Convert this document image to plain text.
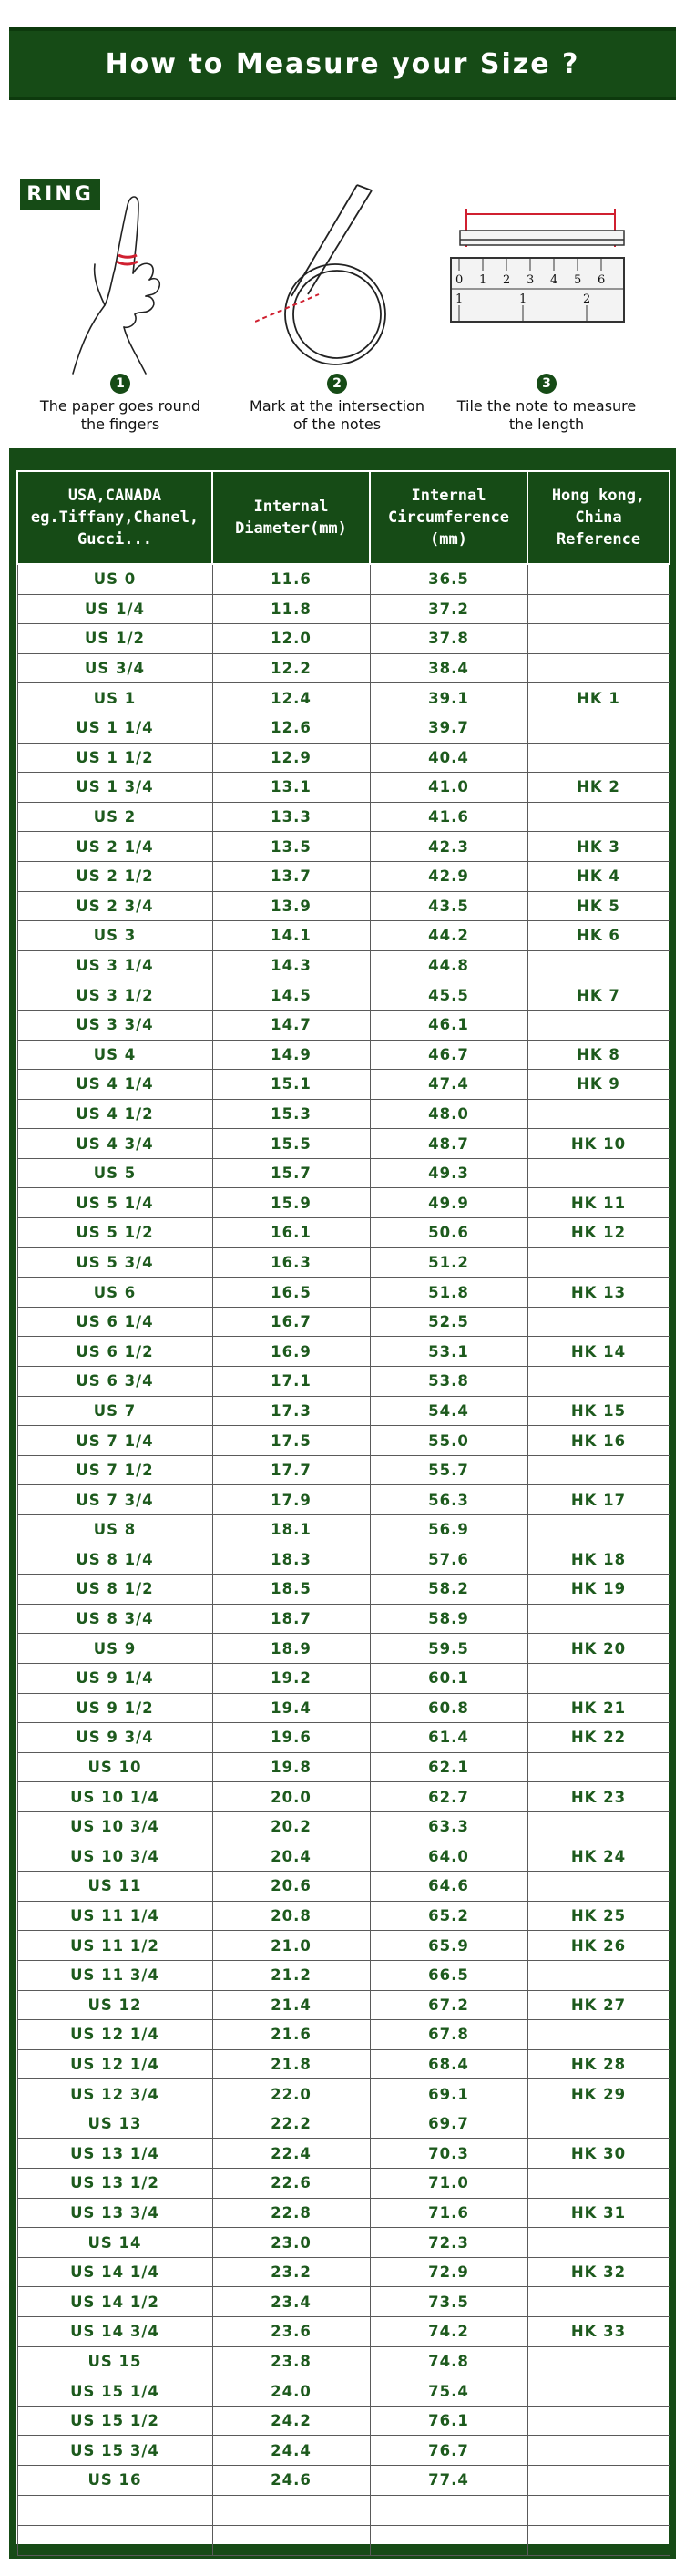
How to Measure your Size ?
RING
0 1 2 3 4 5 6
1	1	2
1
The paper goes round
the fingers
2
Mark at the intersection
of the notes
3
Tile the note to measure
the length
USA,CANADA eg.Tiffany,Chanel, Gucci...	Internal Diameter(mm)	Internal Circumference (mm)	Hong kong, China Reference
US 0	11.6	36.5	
US 1/4	11.8	37.2	
US 1/2	12.0	37.8	
US 3/4	12.2	38.4	
US 1	12.4	39.1	HK 1
US 1 1/4	12.6	39.7	
US 1 1/2	12.9	40.4	
US 1 3/4	13.1	41.0	HK 2
US 2	13.3	41.6	
US 2 1/4	13.5	42.3	HK 3
US 2 1/2	13.7	42.9	HK 4
US 2 3/4	13.9	43.5	HK 5
US 3	14.1	44.2	HK 6
US 3 1/4	14.3	44.8	
US 3 1/2	14.5	45.5	HK 7
US 3 3/4	14.7	46.1	
US 4	14.9	46.7	HK 8
US 4 1/4	15.1	47.4	HK 9
US 4 1/2	15.3	48.0	
US 4 3/4	15.5	48.7	HK 10
US 5	15.7	49.3	
US 5 1/4	15.9	49.9	HK 11
US 5 1/2	16.1	50.6	HK 12
US 5 3/4	16.3	51.2	
US 6	16.5	51.8	HK 13
US 6 1/4	16.7	52.5	
US 6 1/2	16.9	53.1	HK 14
US 6 3/4	17.1	53.8	
US 7	17.3	54.4	HK 15
US 7 1/4	17.5	55.0	HK 16
US 7 1/2	17.7	55.7	
US 7 3/4	17.9	56.3	HK 17
US 8	18.1	56.9	
US 8 1/4	18.3	57.6	HK 18
US 8 1/2	18.5	58.2	HK 19
US 8 3/4	18.7	58.9	
US 9	18.9	59.5	HK 20
US 9 1/4	19.2	60.1	
US 9 1/2	19.4	60.8	HK 21
US 9 3/4	19.6	61.4	HK 22
US 10	19.8	62.1	
US 10 1/4	20.0	62.7	HK 23
US 10 3/4	20.2	63.3	
US 10 3/4	20.4	64.0	HK 24
US 11	20.6	64.6	
US 11 1/4	20.8	65.2	HK 25
US 11 1/2	21.0	65.9	HK 26
US 11 3/4	21.2	66.5	
US 12	21.4	67.2	HK 27
US 12 1/4	21.6	67.8	
US 12 1/4	21.8	68.4	HK 28
US 12 3/4	22.0	69.1	HK 29
US 13	22.2	69.7	
US 13 1/4	22.4	70.3	HK 30
US 13 1/2	22.6	71.0	
US 13 3/4	22.8	71.6	HK 31
US 14	23.0	72.3	
US 14 1/4	23.2	72.9	HK 32
US 14 1/2	23.4	73.5	
US 14 3/4	23.6	74.2	HK 33
US 15	23.8	74.8	
US 15 1/4	24.0	75.4	
US 15 1/2	24.2	76.1	
US 15 3/4	24.4	76.7	
US 16	24.6	77.4	
